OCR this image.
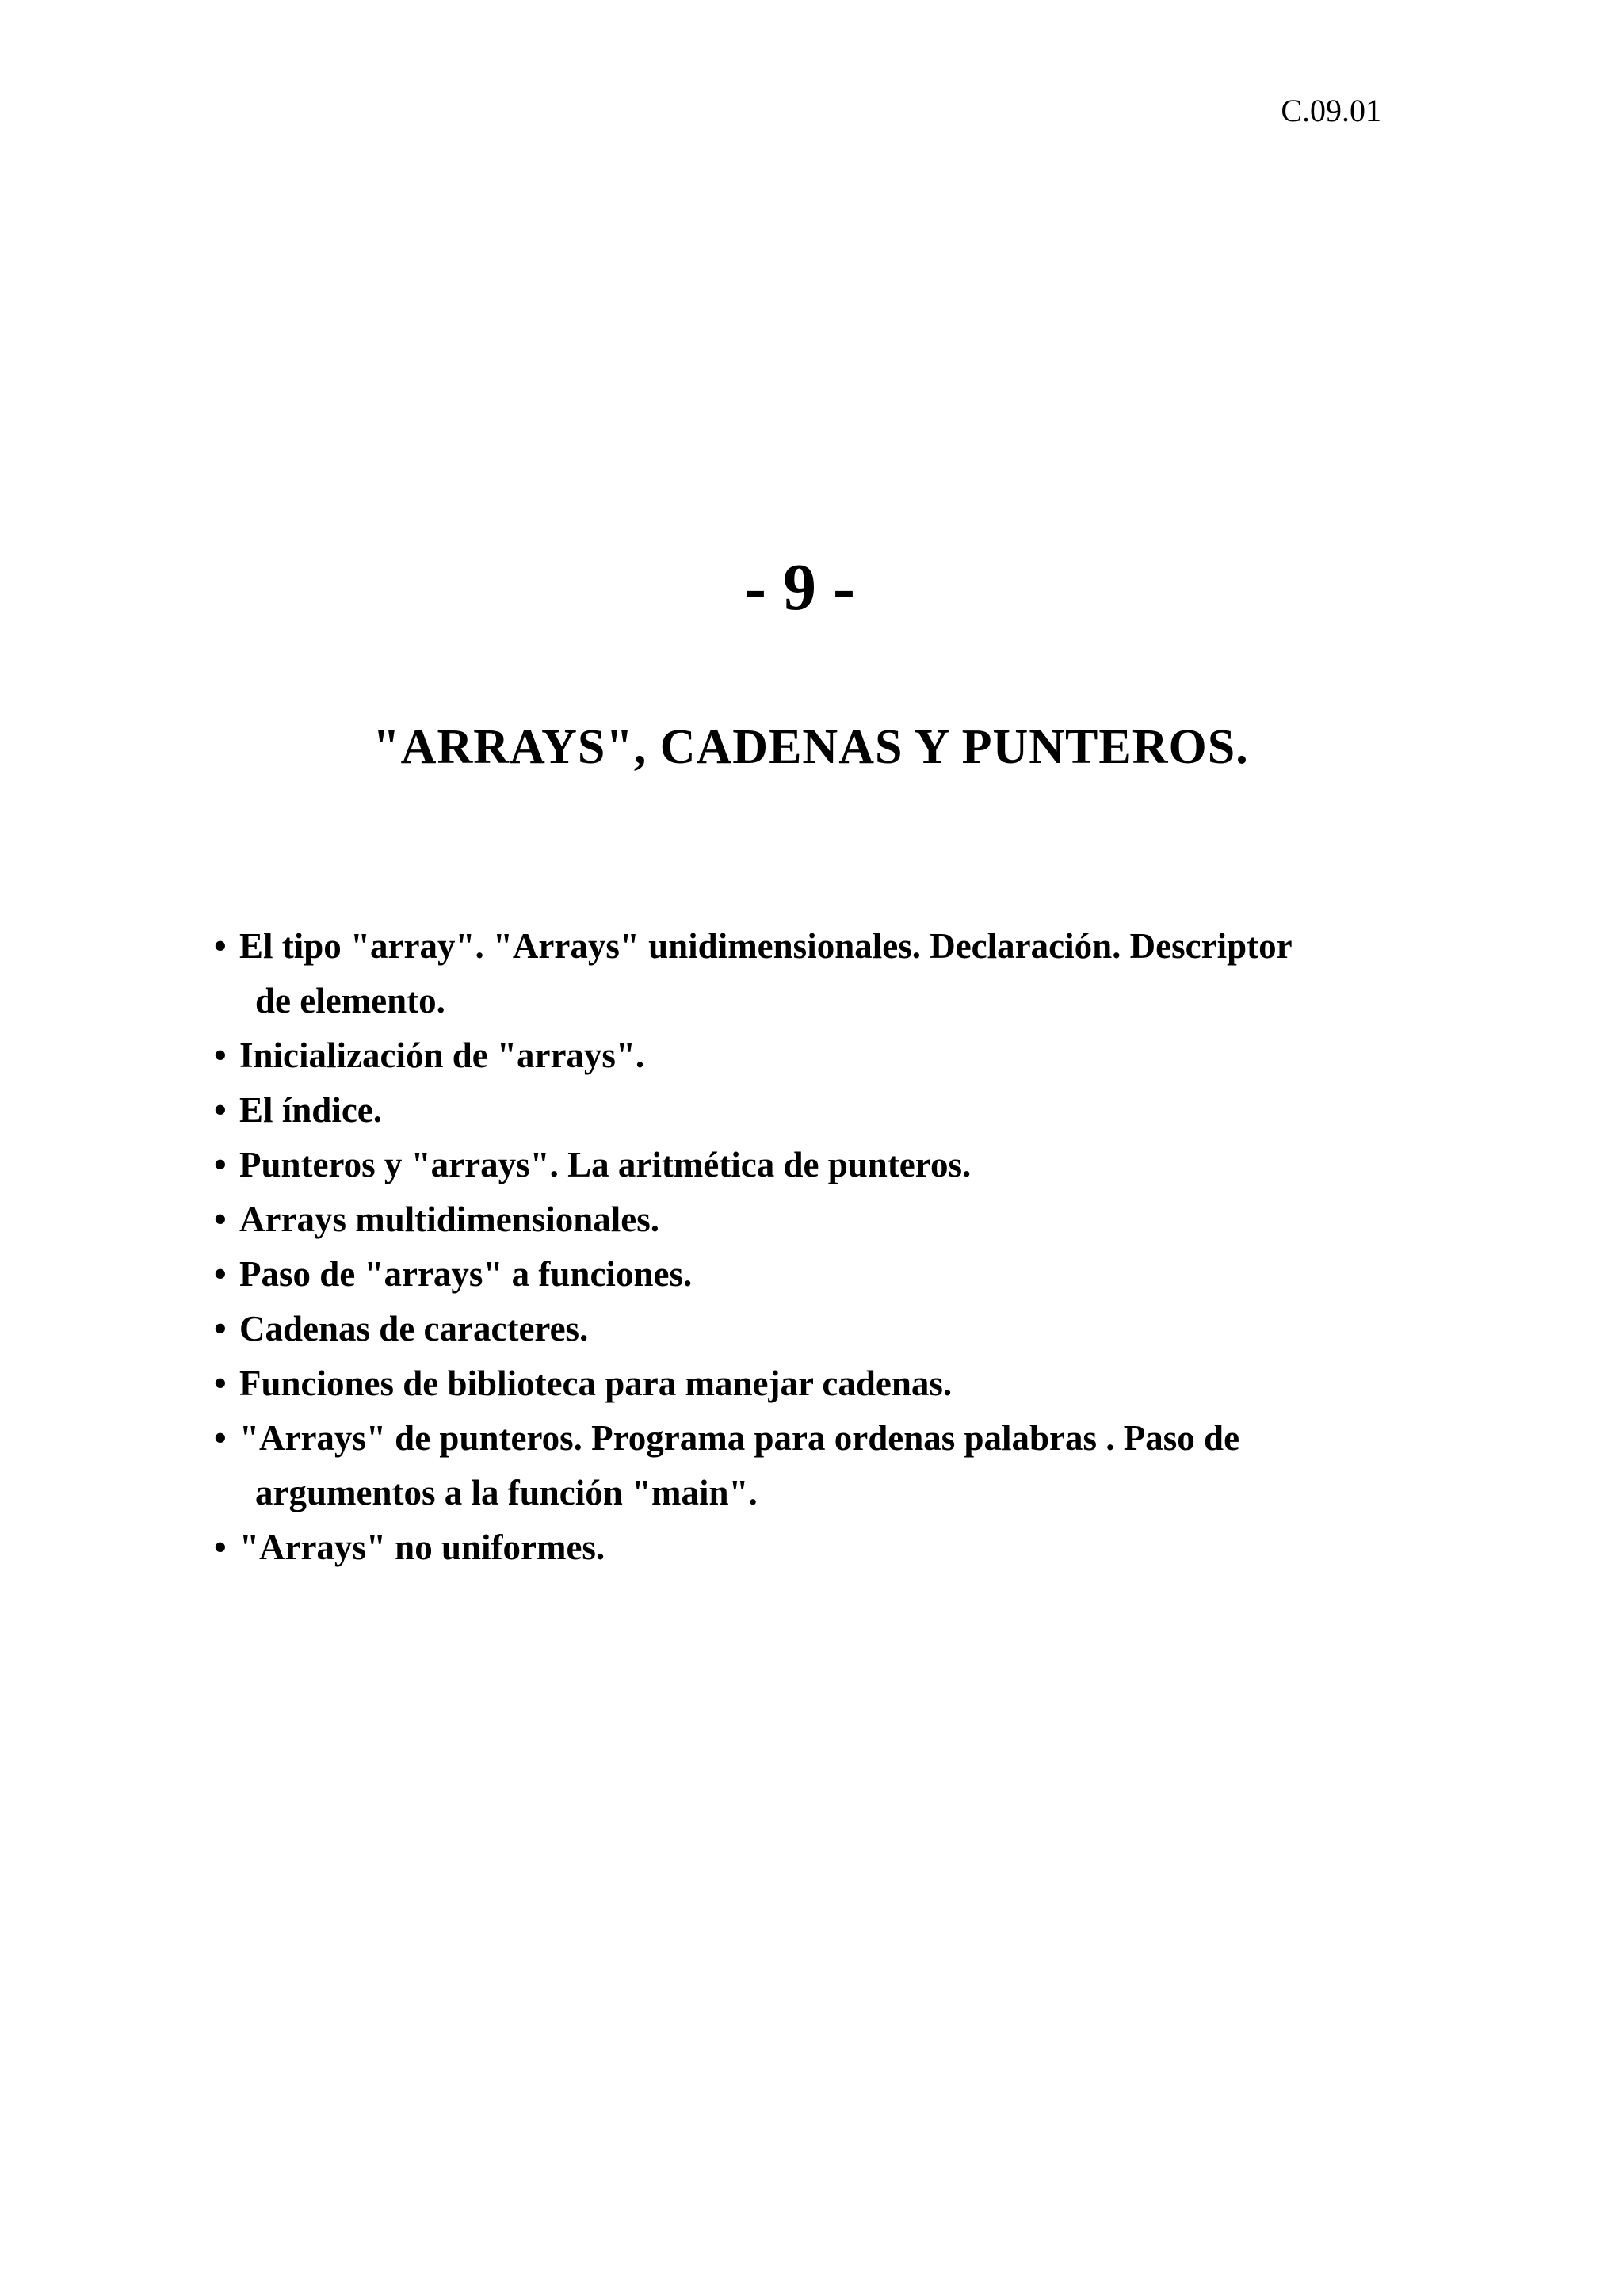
C.09.01
- 9 -
"ARRAYS", CADENAS Y PUNTEROS.
• El tipo "array". "Arrays" unidimensionales. Declaración. Descriptor
de elemento.
• Inicialización de "arrays".
• El índice.
• Punteros y "arrays". La aritmética de punteros.
• Arrays multidimensionales.
• Paso de "arrays" a funciones.
• Cadenas de caracteres.
• Funciones de biblioteca para manejar cadenas.
• "Arrays" de punteros. Programa para ordenas palabras . Paso de
argumentos a la función "main".
• "Arrays" no uniformes.
